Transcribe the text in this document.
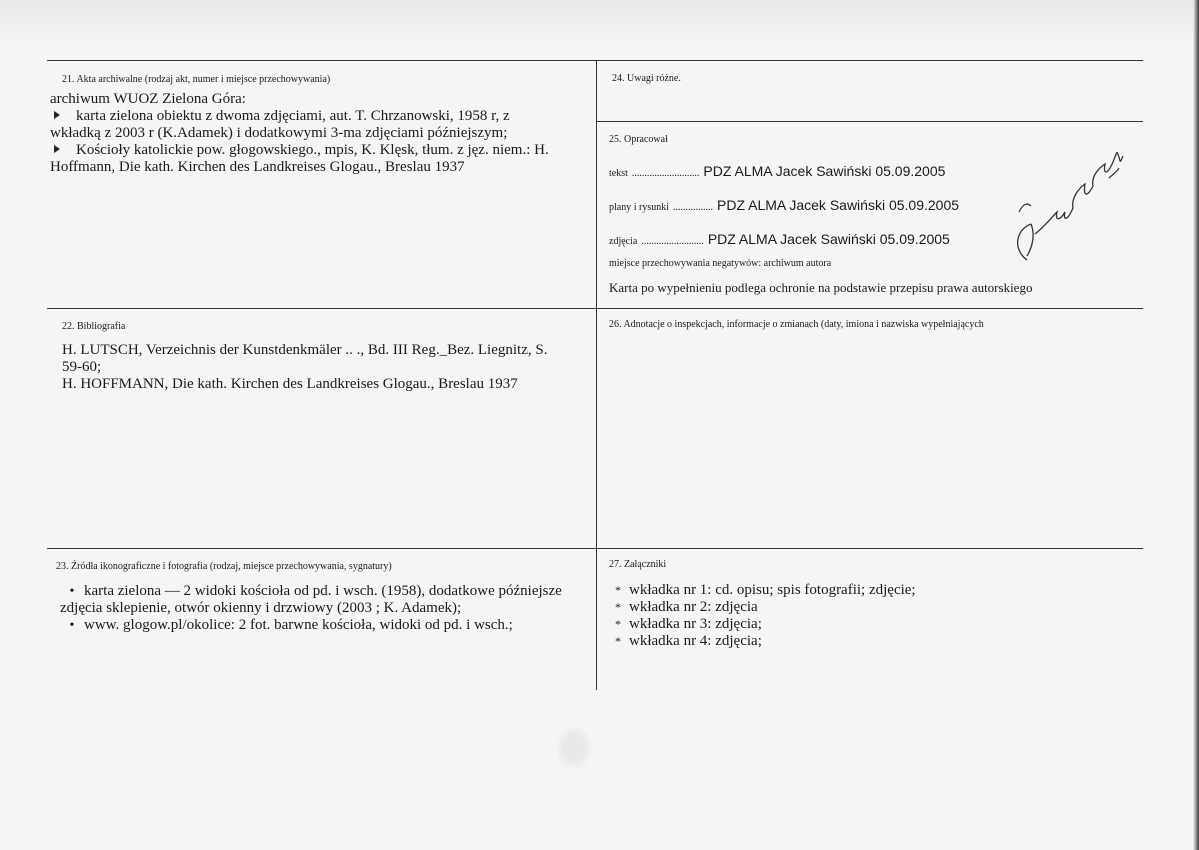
21. Akta archiwalne (rodzaj akt, numer i miejsce przechowywania)

archiwum WUOZ Zielona Góra:

karta zielona obiektu z dwoma zdjęciami, aut. T. Chrzanowski, 1958 r, z

wkładką z 2003 r (K.Adamek) i dodatkowymi 3-ma zdjęciami późniejszym;

Kościoły katolickie pow. głogowskiego., mpis, K. Klęsk, tłum. z jęz. niem.: H.

Hoffmann, Die kath. Kirchen des Landkreises Glogau., Breslau 1937

24. Uwagi różne.
25. Opracował
tekst ........................... PDZ ALMA Jacek Sawiński 05.09.2005
plany i rysunki ................ PDZ ALMA Jacek Sawiński 05.09.2005
zdjęcia ......................... PDZ ALMA Jacek Sawiński 05.09.2005
miejsce przechowywania negatywów: archiwum autora
Karta po wypełnieniu podlega ochronie na podstawie przepisu prawa autorskiego
22. Bibliografia

H. LUTSCH, Verzeichnis der Kunstdenkmäler .. ., Bd. III Reg._Bez. Liegnitz, S.

59-60;

H. HOFFMANN, Die kath. Kirchen des Landkreises Glogau., Breslau 1937

26. Adnotacje o inspekcjach, informacje o zmianach (daty, imiona i nazwiska wypełniających
23. Źródła ikonograficzne i fotografia (rodzaj, miejsce przechowywania, sygnatury)

• karta zielona — 2 widoki kościoła od pd. i wsch. (1958), dodatkowe późniejsze

zdjęcia sklepienie, otwór okienny i drzwiowy (2003 ; K. Adamek);

• www. glogow.pl/okolice: 2 fot. barwne kościoła, widoki od pd. i wsch.;

27. Załączniki

* wkładka nr 1: cd. opisu; spis fotografii; zdjęcie;

* wkładka nr 2: zdjęcia

* wkładka nr 3: zdjęcia;

* wkładka nr 4: zdjęcia;
